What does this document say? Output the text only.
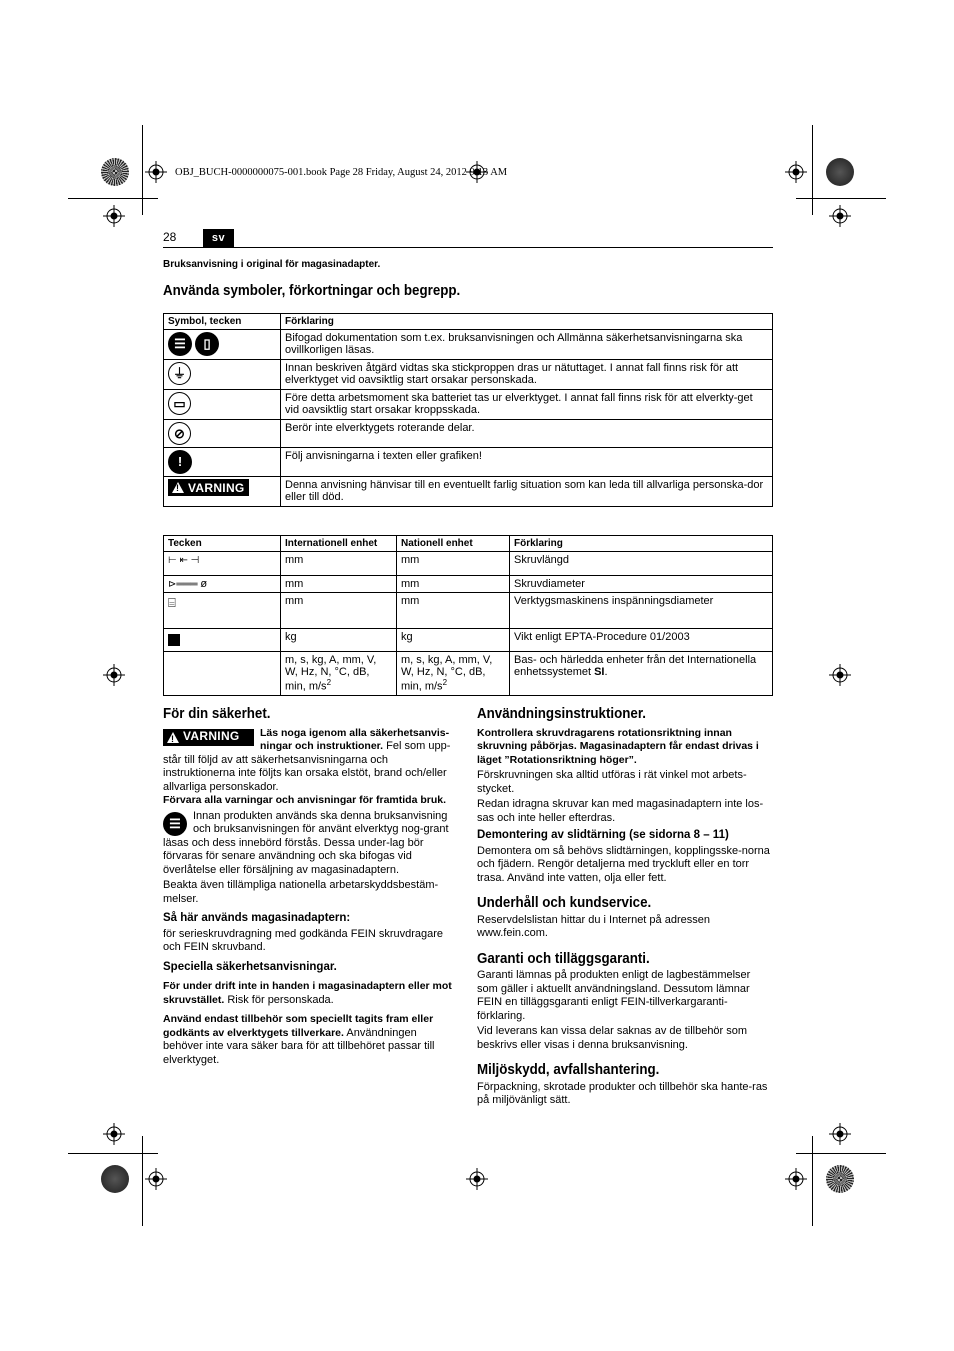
OBJ_BUCH-0000000075-001.book Page 28 Friday, August 24, 2012 9:13 AM
28	sv
Bruksanvisning i original för magasinadapter.
Använda symboler, förkortningar och begrepp.
Symbol, tecken	Förklaring
☰ ▯	Bifogad dokumentation som t.ex. bruksanvisningen och Allmänna säkerhetsanvisningarna ska ovillkorligen läsas.
⏚	Innan beskriven åtgärd vidtas ska stickproppen dras ur nätuttaget. I annat fall finns risk för att elverktyget vid oavsiktlig start orsakar personskada.
▭	Före detta arbetsmoment ska batteriet tas ur elverktyget. I annat fall finns risk för att elverkty-get vid oavsiktlig start orsakar kroppsskada.
⊘	Berör inte elverktygets roterande delar.
!	Följ anvisningarna i texten eller grafiken!

!
VARNING	Denna anvisning hänvisar till en eventuellt farlig situation som kan leda till allvarliga personska-dor eller till död.
Tecken	Internationell enhet	Nationell enhet	Förklaring
⊢ ⇤ ⊣	mm	mm	Skruvlängd
⊳═══ ø	mm	mm	Skruvdiameter
⌸	mm	mm	Verktygsmaskinens inspänningsdiameter
	kg	kg	Vikt enligt EPTA-Procedure 01/2003
	m, s, kg, A, mm, V, W, Hz, N, °C, dB, min, $m/s^2$	m, s, kg, A, mm, V, W, Hz, N, °C, dB, min, $m/s^2$	Bas- och härledda enheter från det Internationella enhetssystemet SI.
För din säkerhet.
!
VARNING Läs noga igenom alla säkerhetsanvis-ningar och instruktioner. Fel som upp-står till följd av att säkerhetsanvisningarna och instruktionerna inte följts kan orsaka elstöt, brand och/eller allvarliga personskador.

Förvara alla varningar och anvisningar för framtida bruk.

☰	Innan produkten används ska denna bruksanvisning och bruksanvisningen för använt elverktyg nog-grant läsas och dess innebörd förstås. Dessa under-lag bör förvaras för senare användning och ska bifogas vid överlåtelse eller försäljning av magasinadaptern.

Beakta även tillämpliga nationella arbetarskyddsbestäm-melser.

Så här används magasinadaptern:

för serieskruvdragning med godkända FEIN skruvdragare och FEIN skruvband.

Speciella säkerhetsanvisningar.

För under drift inte in handen i magasinadaptern eller mot skruvstället. Risk för personskada.

Använd endast tillbehör som speciellt tagits fram eller godkänts av elverktygets tillverkare. Användningen behöver inte vara säker bara för att tillbehöret passar till elverktyget.

Användningsinstruktioner.

Kontrollera skruvdragarens rotationsriktning innan skruvning påbörjas. Magasinadaptern får endast drivas i läget ”Rotationsriktning höger”.

Förskruvningen ska alltid utföras i rät vinkel mot arbets-stycket.

Redan idragna skruvar kan med magasinadaptern inte los-sas och inte heller efterdras.

Demontering av slidtärning (se sidorna 8 – 11)

Demontera om så behövs slidtärningen, kopplingsske-norna och fjädern. Rengör detaljerna med tryckluft eller en torr trasa. Använd inte vatten, olja eller fett.

Underhåll och kundservice.

Reservdelslistan hittar du i Internet på adressen www.fein.com.

Garanti och tilläggsgaranti.

Garanti lämnas på produkten enligt de lagbestämmelser som gäller i aktuellt användningsland. Dessutom lämnar FEIN en tilläggsgaranti enligt FEIN-tillverkargaranti-förklaring.

Vid leverans kan vissa delar saknas av de tillbehör som beskrivs eller visas i denna bruksanvisning.

Miljöskydd, avfallshantering.

Förpackning, skrotade produkter och tillbehör ska hante-ras på miljövänligt sätt.
